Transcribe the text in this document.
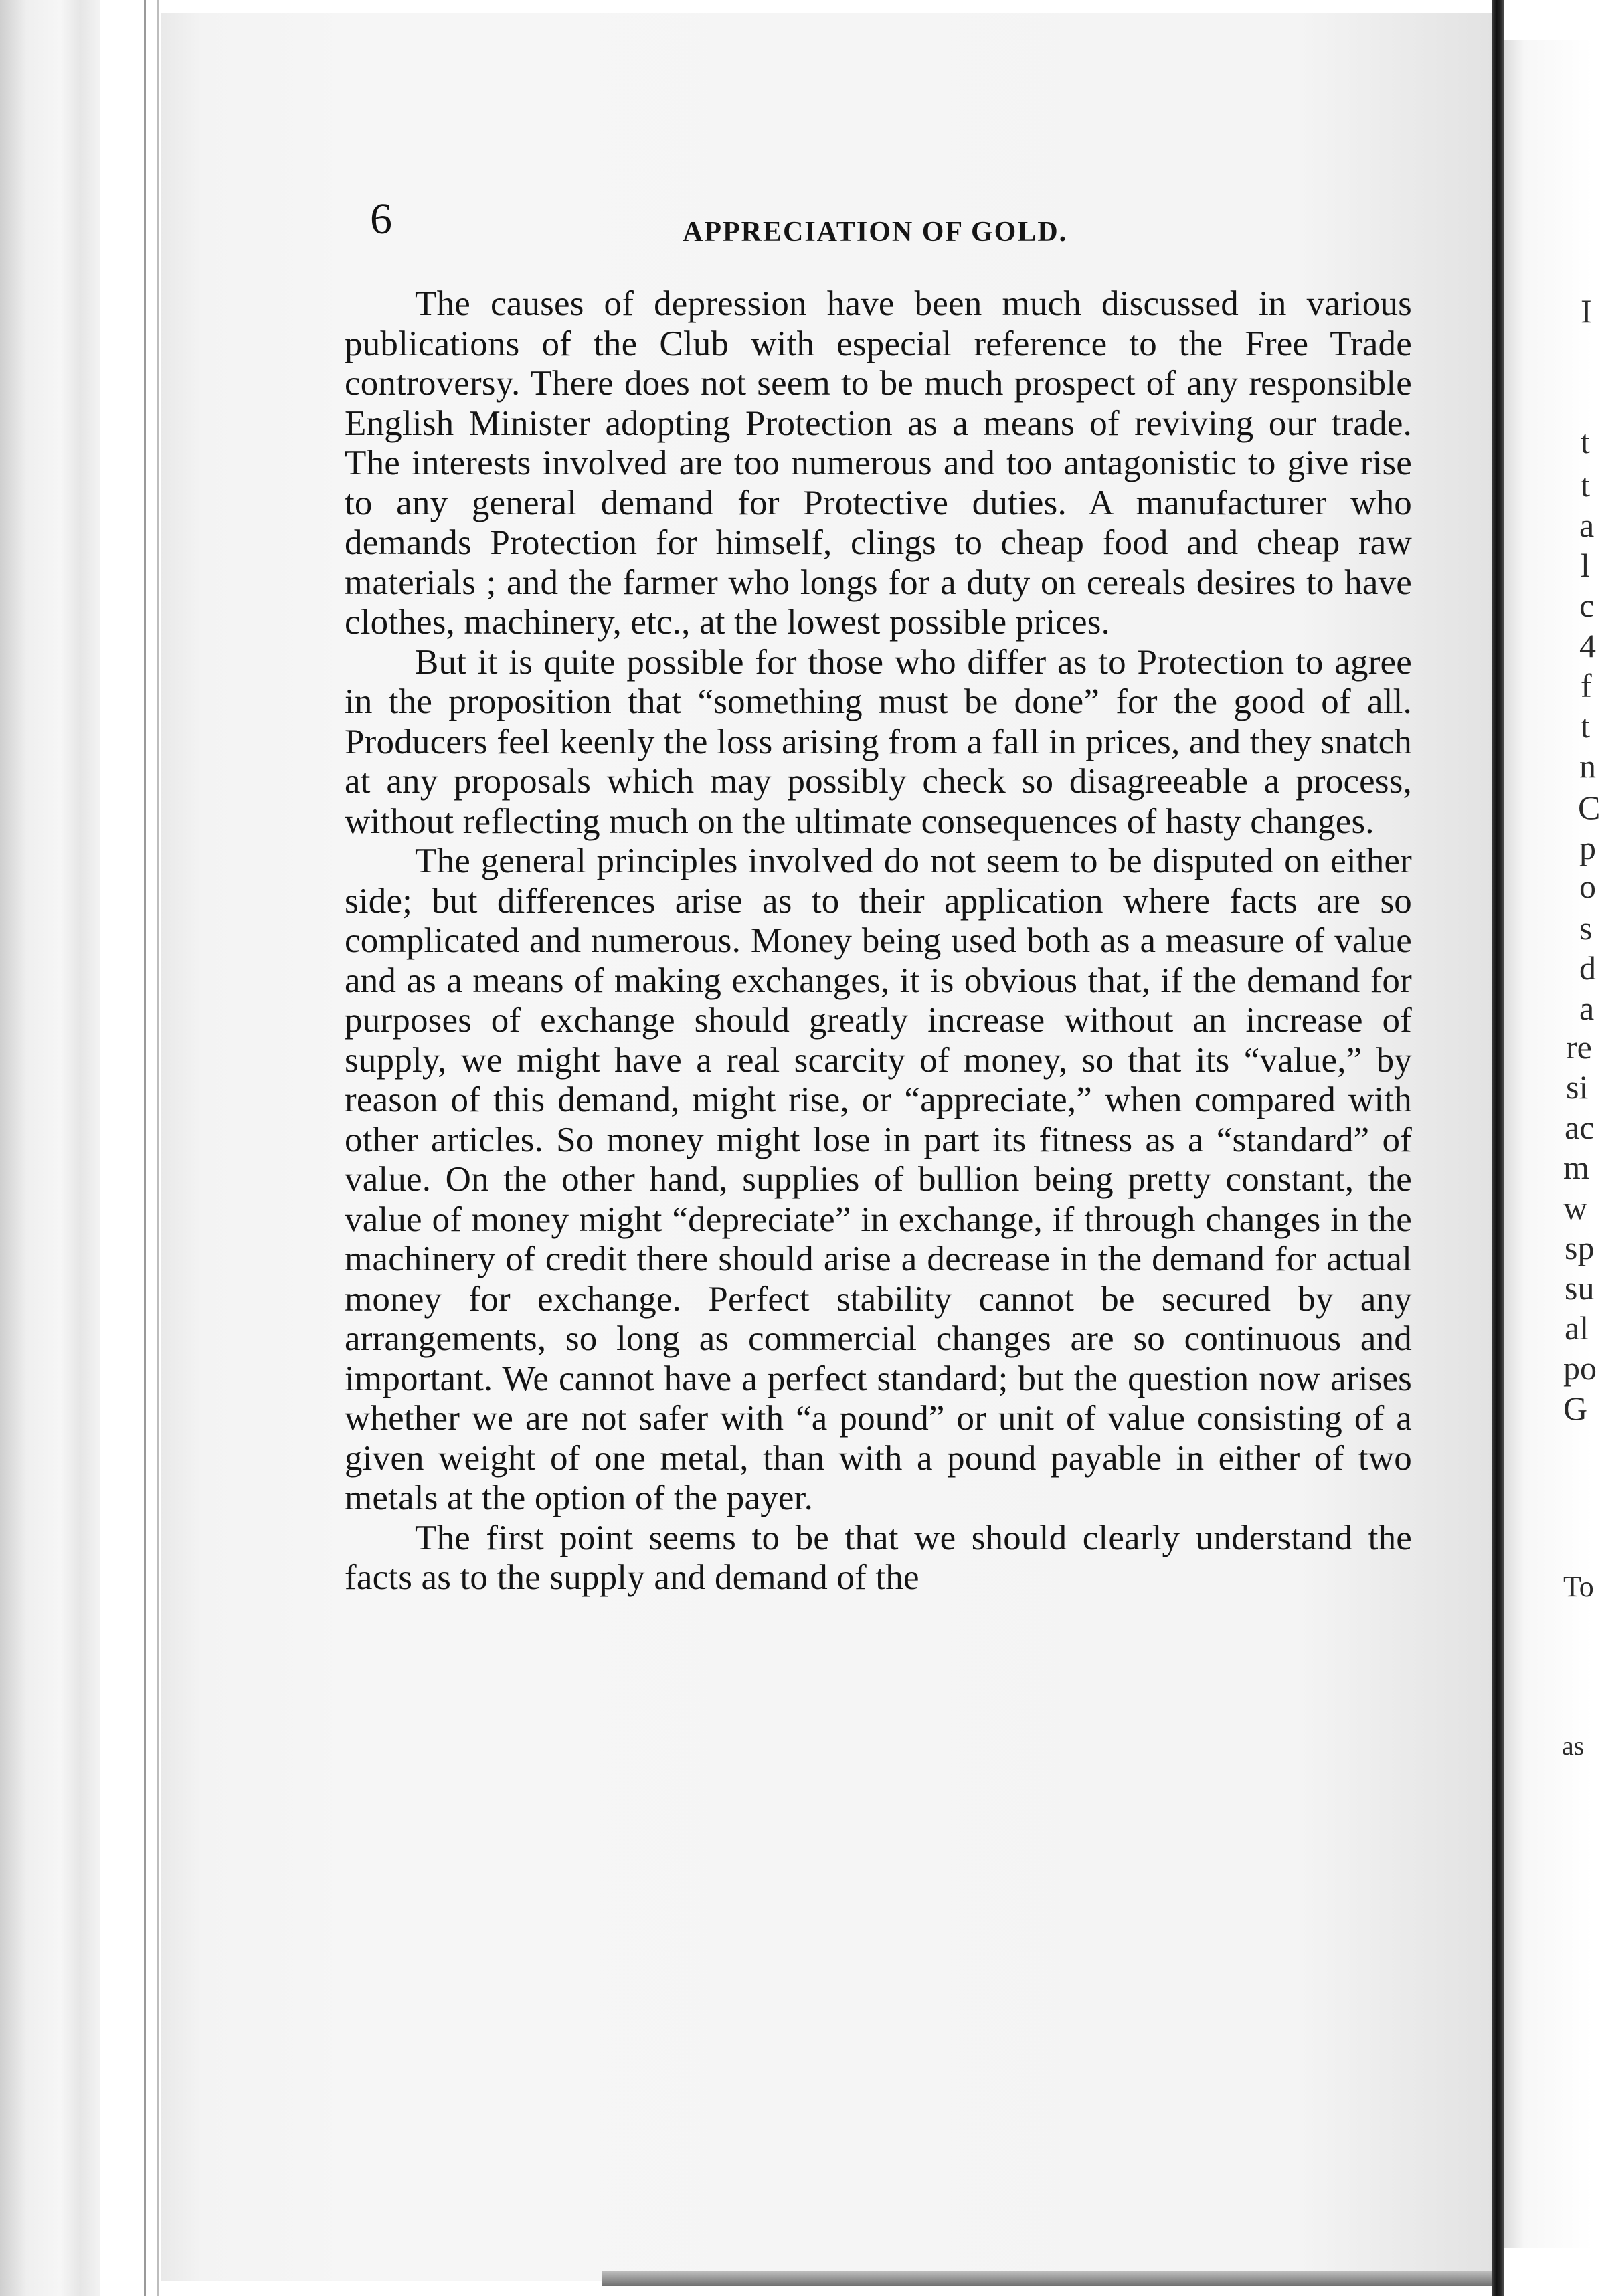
6	APPRECIATION OF GOLD.

The causes of depression have been much discussed in various publications of the Club with especial reference to the Free Trade controversy. There does not seem to be much prospect of any responsible English Minister adopting Protection as a means of reviving our trade. The interests involved are too numerous and too antagonistic to give rise to any general demand for Protective duties. A manufacturer who demands Protection for himself, clings to cheap food and cheap raw materials ; and the farmer who longs for a duty on cereals desires to have clothes, machinery, etc., at the lowest possible prices.

But it is quite possible for those who differ as to Protection to agree in the proposition that “something must be done” for the good of all. Producers feel keenly the loss arising from a fall in prices, and they snatch at any proposals which may possibly check so disagreeable a process, without reflecting much on the ultimate consequences of hasty changes.

The general principles involved do not seem to be disputed on either side; but differences arise as to their application where facts are so complicated and numerous. Money being used both as a measure of value and as a means of making exchanges, it is obvious that, if the demand for purposes of exchange should greatly increase without an increase of supply, we might have a real scarcity of money, so that its “value,” by reason of this demand, might rise, or “appreciate,” when compared with other articles. So money might lose in part its fitness as a “standard” of value. On the other hand, supplies of bullion being pretty constant, the value of money might “depreciate” in exchange, if through changes in the machinery of credit there should arise a decrease in the demand for actual money for exchange. Perfect stability cannot be secured by any arrangements, so long as commercial changes are so continuous and important. We cannot have a perfect standard; but the question now arises whether we are not safer with “a pound” or unit of value consisting of a given weight of one metal, than with a pound payable in either of two metals at the option of the payer.

The first point seems to be that we should clearly understand the facts as to the supply and demand of the

I
t
t
a
l
c
4
f
t
n
C
p
o
s
d
a
re
si
ac
m
w
sp
su
al
po
G
To
as
